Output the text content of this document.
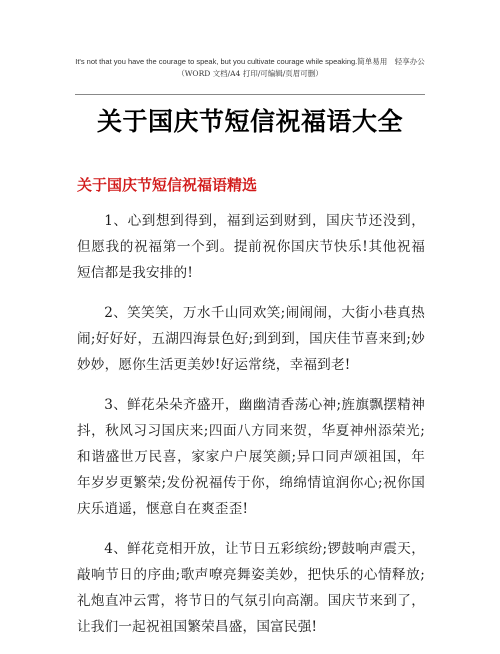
It's not that you have the courage to speak, but you cultivate courage while speaking.简单易用　轻享办公
（WORD 文档/A4 打印/可编辑/页眉可删）
关于国庆节短信祝福语大全
关于国庆节短信祝福语精选

1、心到想到得到，福到运到财到，国庆节还没到，但愿我的祝福第一个到。提前祝你国庆节快乐!其他祝福短信都是我安排的!

2、笑笑笑，万水千山同欢笑;闹闹闹，大街小巷真热闹;好好好，五湖四海景色好;到到到，国庆佳节喜来到;妙妙妙，愿你生活更美妙!好运常绕，幸福到老!

3、鲜花朵朵齐盛开，幽幽清香荡心神;旌旗飘摆精神抖，秋风习习国庆来;四面八方同来贺，华夏神州添荣光;和谐盛世万民喜，家家户户展笑颜;异口同声颂祖国，年年岁岁更繁荣;发份祝福传于你，绵绵情谊润你心;祝你国庆乐逍遥，惬意自在爽歪歪!

4、鲜花竞相开放，让节日五彩缤纷;锣鼓响声震天，敲响节日的序曲;歌声嘹亮舞姿美妙，把快乐的心情释放;礼炮直冲云霄，将节日的气氛引向高潮。国庆节来到了，让我们一起祝祖国繁荣昌盛，国富民强!
